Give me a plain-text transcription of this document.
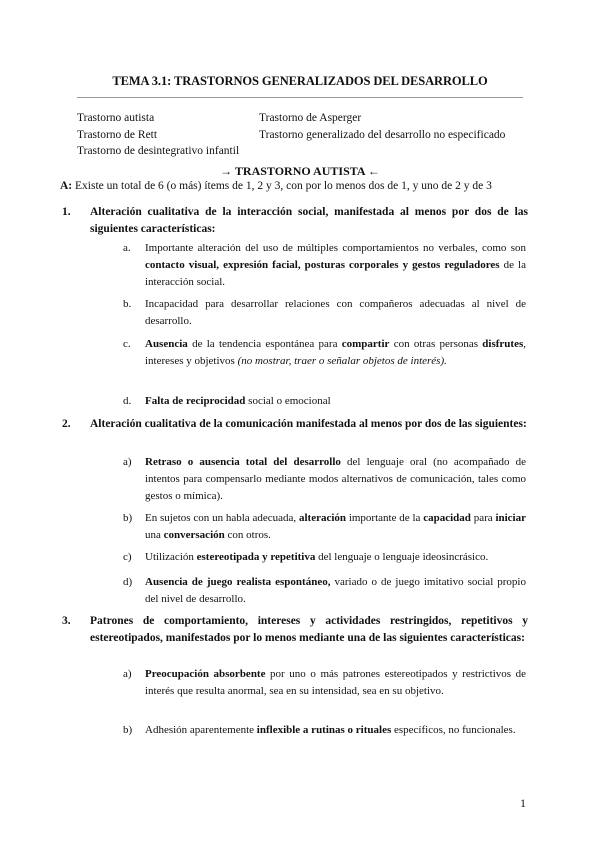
TEMA 3.1: TRASTORNOS GENERALIZADOS DEL DESARROLLO
Trastorno autista
Trastorno de Rett
Trastorno de desintegrativo infantil
Trastorno de Asperger
Trastorno generalizado del desarrollo no especificado
→ TRASTORNO AUTISTA ←
A: Existe un total de 6 (o más) ítems de 1, 2 y 3, con por lo menos dos de 1, y uno de 2 y de 3
1. Alteración cualitativa de la interacción social, manifestada al menos por dos de las siguientes características:
a. Importante alteración del uso de múltiples comportamientos no verbales, como son contacto visual, expresión facial, posturas corporales y gestos reguladores de la interacción social.
b. Incapacidad para desarrollar relaciones con compañeros adecuadas al nivel de desarrollo.
c. Ausencia de la tendencia espontánea para compartir con otras personas disfrutes, intereses y objetivos (no mostrar, traer o señalar objetos de interés).
d. Falta de reciprocidad social o emocional
2. Alteración cualitativa de la comunicación manifestada al menos por dos de las siguientes:
a) Retraso o ausencia total del desarrollo del lenguaje oral (no acompañado de intentos para compensarlo mediante modos alternativos de comunicación, tales como gestos o mímica).
b) En sujetos con un habla adecuada, alteración importante de la capacidad para iniciar una conversación con otros.
c) Utilización estereotipada y repetitiva del lenguaje o lenguaje ideosincrásico.
d) Ausencia de juego realista espontáneo, variado o de juego imitativo social propio del nivel de desarrollo.
3. Patrones de comportamiento, intereses y actividades restringidos, repetitivos y estereotipados, manifestados por lo menos mediante una de las siguientes características:
a) Preocupación absorbente por uno o más patrones estereotipados y restrictivos de interés que resulta anormal, sea en su intensidad, sea en su objetivo.
b) Adhesión aparentemente inflexible a rutinas o rituales específicos, no funcionales.
1
